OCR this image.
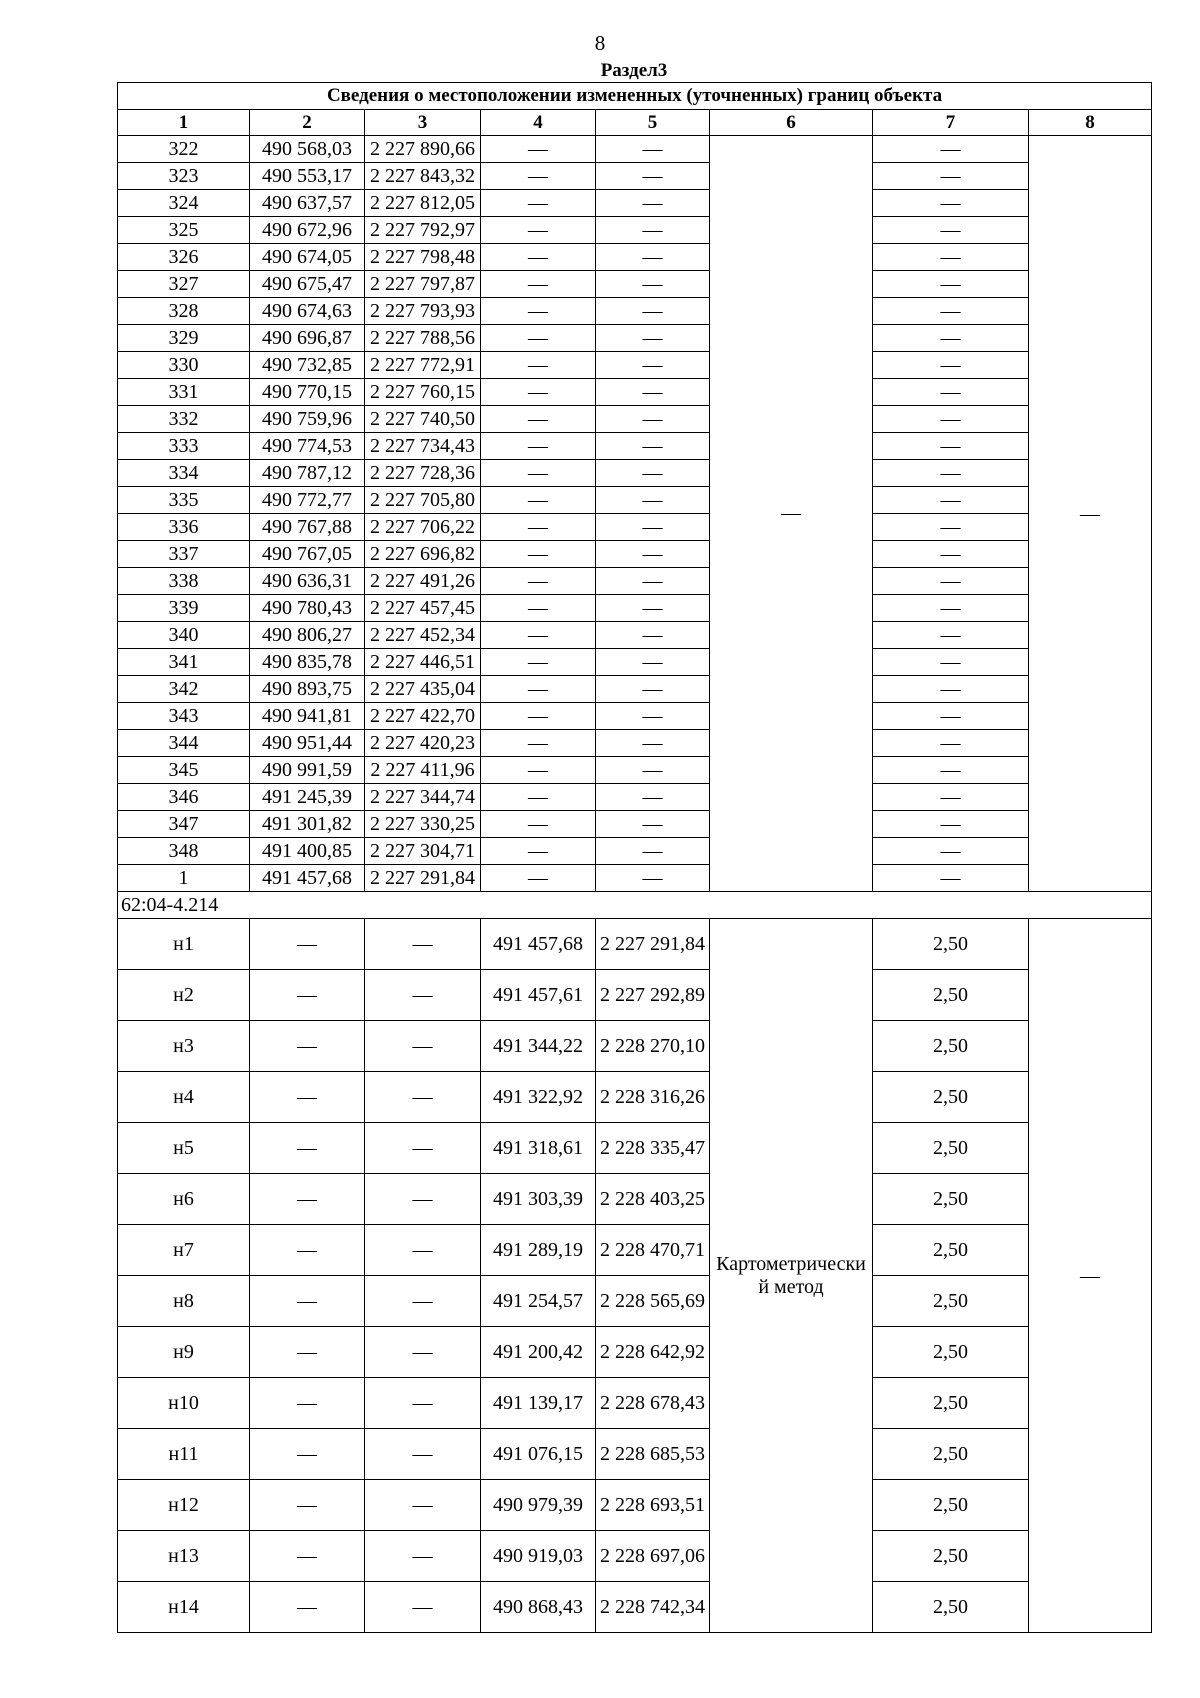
8
Раздел3
Сведения о местоположении измененных (уточненных) границ объекта							
1	2	3	4	5	6	7	8
322	490 568,03	2 227 890,66	—	—	—	—	—
323	490 553,17	2 227 843,32	—	—		—	
324	490 637,57	2 227 812,05	—	—		—	
325	490 672,96	2 227 792,97	—	—		—	
326	490 674,05	2 227 798,48	—	—		—	
327	490 675,47	2 227 797,87	—	—		—	
328	490 674,63	2 227 793,93	—	—		—	
329	490 696,87	2 227 788,56	—	—		—	
330	490 732,85	2 227 772,91	—	—		—	
331	490 770,15	2 227 760,15	—	—		—	
332	490 759,96	2 227 740,50	—	—		—	
333	490 774,53	2 227 734,43	—	—		—	
334	490 787,12	2 227 728,36	—	—		—	
335	490 772,77	2 227 705,80	—	—		—	
336	490 767,88	2 227 706,22	—	—		—	
337	490 767,05	2 227 696,82	—	—		—	
338	490 636,31	2 227 491,26	—	—		—	
339	490 780,43	2 227 457,45	—	—		—	
340	490 806,27	2 227 452,34	—	—		—	
341	490 835,78	2 227 446,51	—	—		—	
342	490 893,75	2 227 435,04	—	—		—	
343	490 941,81	2 227 422,70	—	—		—	
344	490 951,44	2 227 420,23	—	—		—	
345	490 991,59	2 227 411,96	—	—		—	
346	491 245,39	2 227 344,74	—	—		—	
347	491 301,82	2 227 330,25	—	—		—	
348	491 400,85	2 227 304,71	—	—		—	
1	491 457,68	2 227 291,84	—	—		—	
62:04-4.214							
н1	—	—	491 457,68	2 227 291,84	Картометрический метод	2,50	—
н2	—	—	491 457,61	2 227 292,89		2,50	
н3	—	—	491 344,22	2 228 270,10		2,50	
н4	—	—	491 322,92	2 228 316,26		2,50	
н5	—	—	491 318,61	2 228 335,47		2,50	
н6	—	—	491 303,39	2 228 403,25		2,50	
н7	—	—	491 289,19	2 228 470,71		2,50	
н8	—	—	491 254,57	2 228 565,69		2,50	
н9	—	—	491 200,42	2 228 642,92		2,50	
н10	—	—	491 139,17	2 228 678,43		2,50	
н11	—	—	491 076,15	2 228 685,53		2,50	
н12	—	—	490 979,39	2 228 693,51		2,50	
н13	—	—	490 919,03	2 228 697,06		2,50	
н14	—	—	490 868,43	2 228 742,34		2,50	
